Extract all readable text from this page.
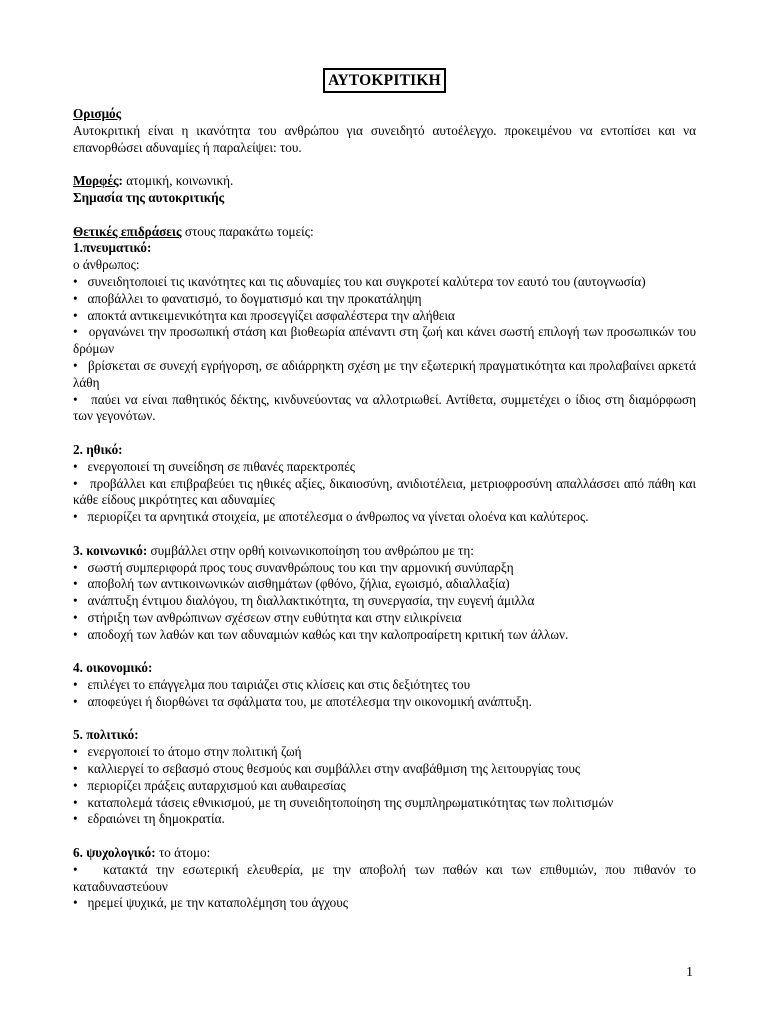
ΑΥΤΟΚΡΙΤΙΚΗ

Ορισμός

Αυτοκριτική είναι η ικανότητα του ανθρώπου για συνειδητό αυτοέλεγχο. προκειμένου να εντοπίσει και να επανορθώσει αδυναμίες ή παραλείψει: του.

Μορφές: ατομική, κοινωνική.

Σημασία της αυτοκριτικής

Θετικές επιδράσεις στους παρακάτω τομείς:

1.πνευματικό:

ο άνθρωπος:

• συνειδητοποιεί τις ικανότητες και τις αδυναμίες του και συγκροτεί καλύτερα τον εαυτό του (αυτογνωσία)

• αποβάλλει το φανατισμό, το δογματισμό και την προκατάληψη

• αποκτά αντικειμενικότητα και προσεγγίζει ασφαλέστερα την αλήθεια

• οργανώνει την προσωπική στάση και βιοθεωρία απέναντι στη ζωή και κάνει σωστή επιλογή των προσωπικών του δρόμων

• βρίσκεται σε συνεχή εγρήγορση, σε αδιάρρηκτη σχέση με την εξωτερική πραγματικότητα και προλαβαίνει αρκετά λάθη

• παύει να είναι παθητικός δέκτης, κινδυνεύοντας να αλλοτριωθεί. Αντίθετα, συμμετέχει ο ίδιος στη διαμόρφωση των γεγονότων.

2. ηθικό:

• ενεργοποιεί τη συνείδηση σε πιθανές παρεκτροπές

• προβάλλει και επιβραβεύει τις ηθικές αξίες, δικαιοσύνη, ανιδιοτέλεια, μετριοφροσύνη απαλλάσσει από πάθη και κάθε είδους μικρότητες και αδυναμίες

• περιορίζει τα αρνητικά στοιχεία, με αποτέλεσμα ο άνθρωπος να γίνεται ολοένα και καλύτερος.

3. κοινωνικό: συμβάλλει στην ορθή κοινωνικοποίηση του ανθρώπου με τη:

• σωστή συμπεριφορά προς τους συνανθρώπους του και την αρμονική συνύπαρξη

• αποβολή των αντικοινωνικών αισθημάτων (φθόνο, ζήλια, εγωισμό, αδιαλλαξία)

• ανάπτυξη έντιμου διαλόγου, τη διαλλακτικότητα, τη συνεργασία, την ευγενή άμιλλα

• στήριξη των ανθρώπινων σχέσεων στην ευθύτητα και στην ειλικρίνεια

• αποδοχή των λαθών και των αδυναμιών καθώς και την καλοπροαίρετη κριτική των άλλων.

4. οικονομικό:

• επιλέγει το επάγγελμα που ταιριάζει στις κλίσεις και στις δεξιότητες του

• αποφεύγει ή διορθώνει τα σφάλματα του, με αποτέλεσμα την οικονομική ανάπτυξη.

5. πολιτικό:

• ενεργοποιεί το άτομο στην πολιτική ζωή

• καλλιεργεί το σεβασμό στους θεσμούς και συμβάλλει στην αναβάθμιση της λειτουργίας τους

• περιορίζει πράξεις αυταρχισμού και αυθαιρεσίας

• καταπολεμά τάσεις εθνικισμού, με τη συνειδητοποίηση της συμπληρωματικότητας των πολιτισμών

• εδραιώνει τη δημοκρατία.

6. ψυχολογικό: το άτομο:

• κατακτά την εσωτερική ελευθερία, με την αποβολή των παθών και των επιθυμιών, που πιθανόν το καταδυναστεύουν

• ηρεμεί ψυχικά, με την καταπολέμηση του άγχους

1
